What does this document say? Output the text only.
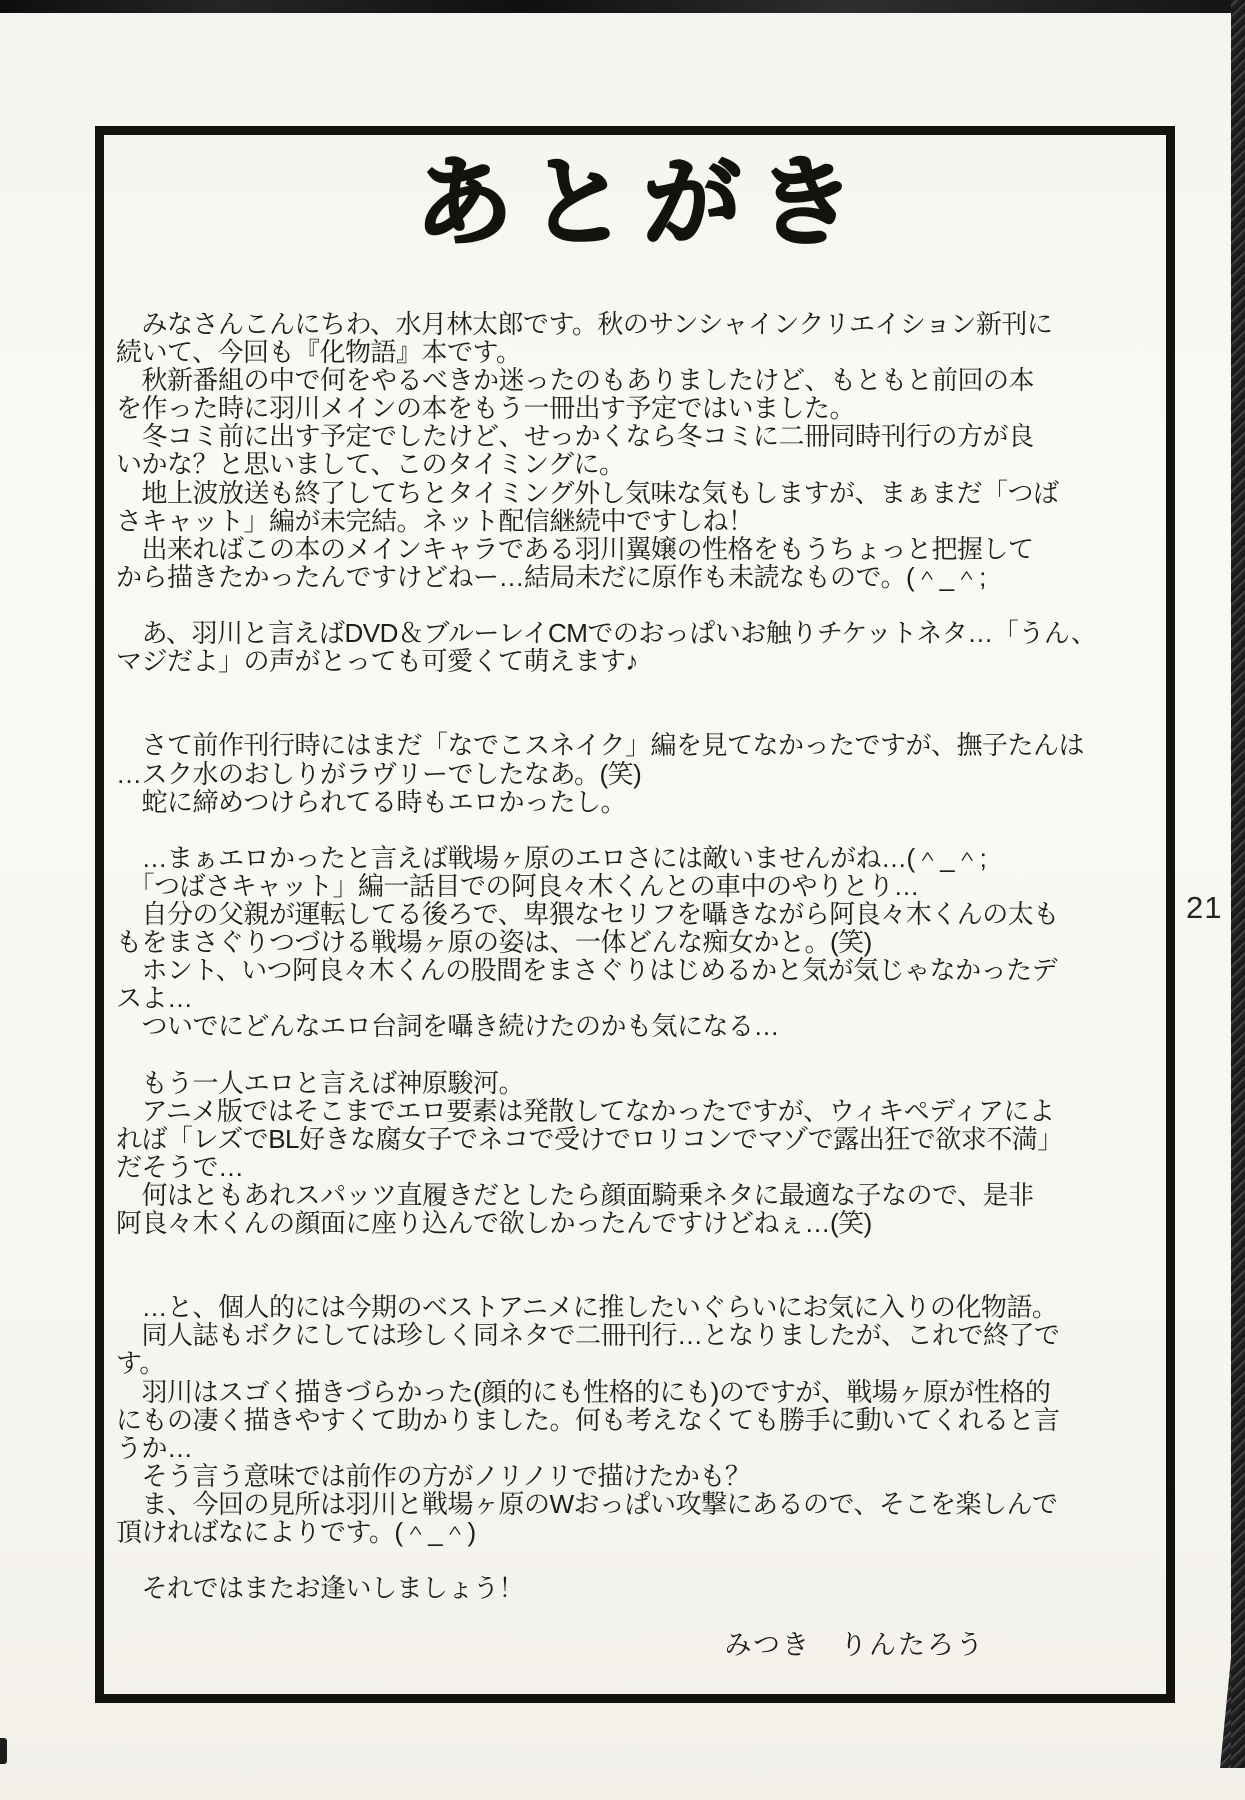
21
あとがき
　みなさんこんにちわ、水月林太郎です。秋のサンシャインクリエイション新刊に
続いて、今回も『化物語』本です。
　秋新番組の中で何をやるべきか迷ったのもありましたけど、もともと前回の本
を作った時に羽川メインの本をもう一冊出す予定ではいました。
　冬コミ前に出す予定でしたけど、せっかくなら冬コミに二冊同時刊行の方が良
いかな？と思いまして、このタイミングに。
　地上波放送も終了してちとタイミング外し気味な気もしますが、まぁまだ「つば
さキャット」編が未完結。ネット配信継続中ですしね！
　出来ればこの本のメインキャラである羽川翼嬢の性格をもうちょっと把握して
から描きたかったんですけどねー…結局未だに原作も未読なもので。(＾_＾;

　あ、羽川と言えばDVD＆ブルーレイCMでのおっぱいお触りチケットネタ…「うん、
マジだよ」の声がとっても可愛くて萌えます♪

　さて前作刊行時にはまだ「なでこスネイク」編を見てなかったですが、撫子たんは
…スク水のおしりがラヴリーでしたなあ。(笑)
　蛇に締めつけられてる時もエロかったし。

　…まぁエロかったと言えば戦場ヶ原のエロさには敵いませんがね…(＾_＾;
　「つばさキャット」編一話目での阿良々木くんとの車中のやりとり…
　自分の父親が運転してる後ろで、卑猥なセリフを囁きながら阿良々木くんの太も
もをまさぐりつづける戦場ヶ原の姿は、一体どんな痴女かと。(笑)
　ホント、いつ阿良々木くんの股間をまさぐりはじめるかと気が気じゃなかったデ
スよ…
　ついでにどんなエロ台詞を囁き続けたのかも気になる…

　もう一人エロと言えば神原駿河。
　アニメ版ではそこまでエロ要素は発散してなかったですが、ウィキペディアによ
れば「レズでBL好きな腐女子でネコで受けでロリコンでマゾで露出狂で欲求不満」
だそうで…
　何はともあれスパッツ直履きだとしたら顔面騎乗ネタに最適な子なので、是非
阿良々木くんの顔面に座り込んで欲しかったんですけどねぇ…(笑)

　…と、個人的には今期のベストアニメに推したいぐらいにお気に入りの化物語。
　同人誌もボクにしては珍しく同ネタで二冊刊行…となりましたが、これで終了で
す。
　羽川はスゴく描きづらかった(顔的にも性格的にも)のですが、戦場ヶ原が性格的
にもの凄く描きやすくて助かりました。何も考えなくても勝手に動いてくれると言
うか…
　そう言う意味では前作の方がノリノリで描けたかも？
　ま、今回の見所は羽川と戦場ヶ原のWおっぱい攻撃にあるので、そこを楽しんで
頂ければなによりです。(＾_＾)

　それではまたお逢いしましょう！
みつき　りんたろう
